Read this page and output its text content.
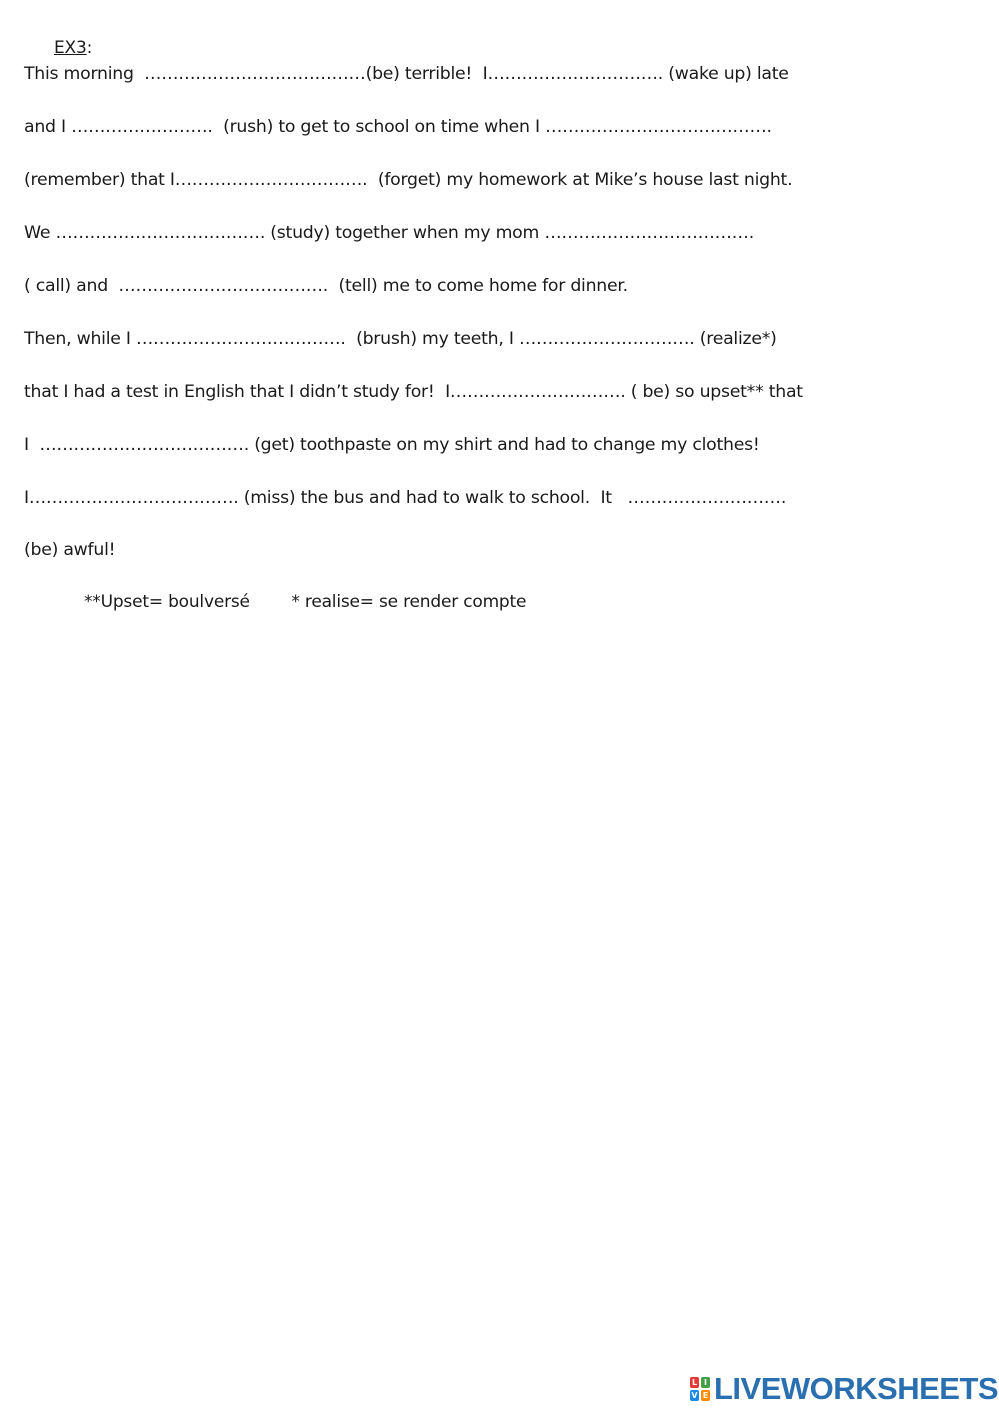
EX3:
This morning  …………………………………(be) terrible!  I…………………………. (wake up) late
and I …………………….  (rush) to get to school on time when I ………………………………….
(remember) that I…………………………….  (forget) my homework at Mike’s house last night.
We ………………………………. (study) together when my mom ……………………………….
( call) and  ……………………………….  (tell) me to come home for dinner.
Then, while I ……………………………….  (brush) my teeth, I …………………………. (realize*)
that I had a test in English that I didn’t study for!  I…………………………. ( be) so upset** that
I  ………………………………. (get) toothpaste on my shirt and had to change my clothes!
I………………………………. (miss) the bus and had to walk to school.  It   ……………………….
(be) awful!
**Upset= boulversé        * realise= se render compte
L I
V E LIVEWORKSHEETS
